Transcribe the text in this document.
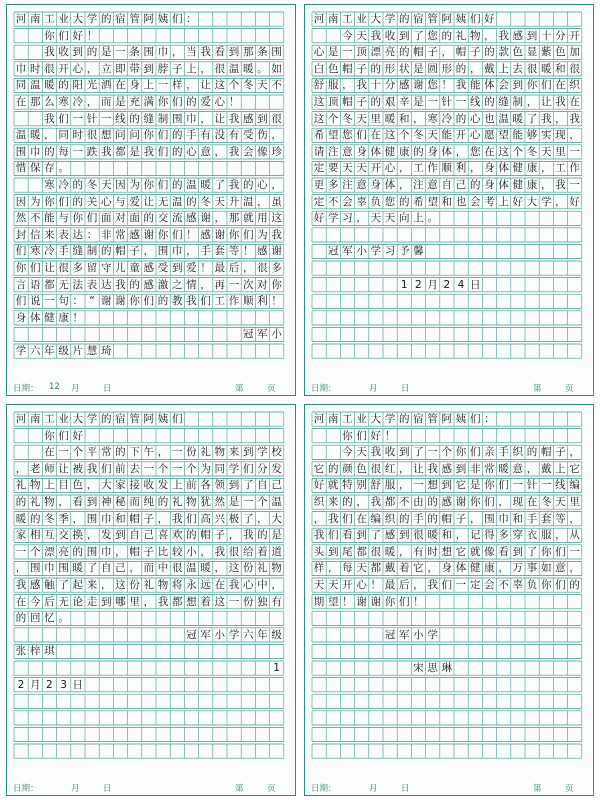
河 南 工 业 大 学 的 宿 管 阿 姨 们 ：
你 们 好 ！
我 收 到 的 是 一 条 围 巾 ， 当 我 看 到 那 条 围
巾 时 很 开 心 ， 立 即 带 到 脖 子 上 ， 很 温 暖 。 如
同 温 暖 的 阳 光 洒 在 身 上 一 样 ， 让 这 个 冬 天 不
在 那 么 寒 冷 ， 而 是 充 满 你 们 的 爱 心 ！
我 们 一 针 一 线 的 缝 制 围 巾 ， 让 我 感 到 很
温 暖 ， 同 时 很 想 问 问 你 们 的 手 有 没 有 受 伤 ，
围 巾 的 每 一 跌 我 都 是 我 们 的 心 意 ， 我 会 像 珍
惜 保 存 。
寒 冷 的 冬 天 因 为 你 们 的 温 暖 了 我 的 心 ，
因 为 你 们 的 关 心 与 爱 让 无 温 的 冬 天 升 温 ， 虽
然 不 能 与 你 们 面 对 面 的 交 流 感 谢 ， 那 就 用 这
封 信 来 表 达 ： 非 常 感 谢 你 们 ！ 感 谢 你 们 为 我
们 寒 冷 手 缝 制 的 帽 子 ， 围 巾 ， 手 套 等 ！ 感 谢
你 们 让 很 多 留 守 儿 童 感 受 到 爱 ！ 最 后 ， 很 多
言 语 都 无 法 表 达 我 的 感 激 之 情 ， 再 一 次 对 你
们 说 一 句 ： “ 谢 谢 你 们 的 教 我 们 工 作 顺 利 ！
身 体 健 康 ！
冠 军 小
学 六 年 级 片 慧 琦
日期： 12 月	日	第	页
河 南 工 业 大 学 的 宿 管 阿 姨 们 好
今 天 我 收 到 了 您 的 礼 物 ， 我 感 到 十 分 开
心 是 一 顶 漂 亮 的 帽 子 ， 帽 子 的 款 色 显 紫 色 加
白 色 帽 子 的 形 状 是 圆 形 的 ， 戴 上 去 很 暖 和 很
舒 服 ， 我 十 分 感 谢 您 ！ 我 能 体 会 到 你 们 在 织
这 顶 帽 子 的 艰 辛 是 一 针 一 线 的 缝 制 ， 让 我 在
这 个 冬 天 里 暖 和 ， 寒 冷 的 心 也 温 暖 了 我 ， 我
希 望 您 们 在 这 个 冬 天 能 开 心 愿 望 能 够 实 现 ，
请 注 意 身 体 健 康 的 身 体 ， 您 在 这 个 冬 天 里 一
定 要 天 天 开 心 ， 工 作 顺 利 ， 身 体 健 康 ， 工 作
更 多 注 意 身 体 ， 注 意 自 己 的 身 体 健 康 ， 我 一
定 不 会 辜 负 您 的 希 望 和 也 会 考 上 好 大 学 ， 好
好 学 习 ， 天 天 向 上 。
冠 军 小 学 习 予 馨
1 2 月 2 4 日
日期：	月	日	第	页
河 南 工 业 大 学 的 宿 管 阿 姨 们
你 们 好
在 一 个 平 常 的 下 午 ， 一 份 礼 物 来 到 学 校
， 老 师 让 被 我 们 前 去 一 个 一 个 为 同 学 们 分 发
礼 物 上 目 色 ， 大 家 接 收 发 上 前 各 领 到 了 自 己
的 礼 物 ， 看 到 神 秘 而 纯 的 礼 物 犹 然 是 一 个 温
暖 的 冬 季 ， 围 巾 和 帽 子 ， 我 们 高 兴 极 了 ， 大
家 相 互 交 换 ， 发 到 自 己 喜 欢 的 帽 子 ， 我 的 是
一 个 漂 亮 的 围 巾 ， 帽 子 比 较 小 ， 我 很 给 着 道
， 围 巾 围 暖 了 自 己 ， 而 中 很 温 暖 ， 这 份 礼 物
我 感 触 了 起 来 ， 这 份 礼 物 将 永 远 在 我 心 中 ，
在 今 后 无 论 走 到 哪 里 ， 我 都 想 着 这 一 份 独 有
的 回 忆 。
冠 军 小 学 六 年 级
张 梓 琪
1
2 月 2 3 日
日期：	月	日	第	页
河 南 工 业 大 学 的 宿 管 阿 姨 们 ：
你 们 好 ！
今 天 我 收 到 了 一 个 你 们 亲 手 织 的 帽 子 ，
它 的 颜 色 很 红 ， 让 我 感 到 非 常 暖 意 ， 戴 上 它
好 就 特 别 舒 服 ， 一 想 到 它 是 你 们 一 针 一 线 编
织 来 的 ， 我 都 不 由 的 感 谢 你 们 ， 现 在 冬 天 里
， 我 们 在 编 织 的 手 的 帽 子 ， 围 巾 和 手 套 等 ，
我 们 看 到 了 感 到 很 暖 和 ， 记 得 多 穿 衣 服 ， 从
头 到 尾 都 很 暖 ， 有 时 想 它 就 像 看 到 了 你 们 一
样 ， 每 天 都 戴 着 它 ， 身 体 健 康 ， 万 事 如 意 ，
天 天 开 心 ！ 最 后 ， 我 们 一 定 会 不 辜 负 你 们 的
期 望 ！ 谢 谢 你 们 ！
冠 军 小 学
宋 思 琳
日期：	月	日	第	页
